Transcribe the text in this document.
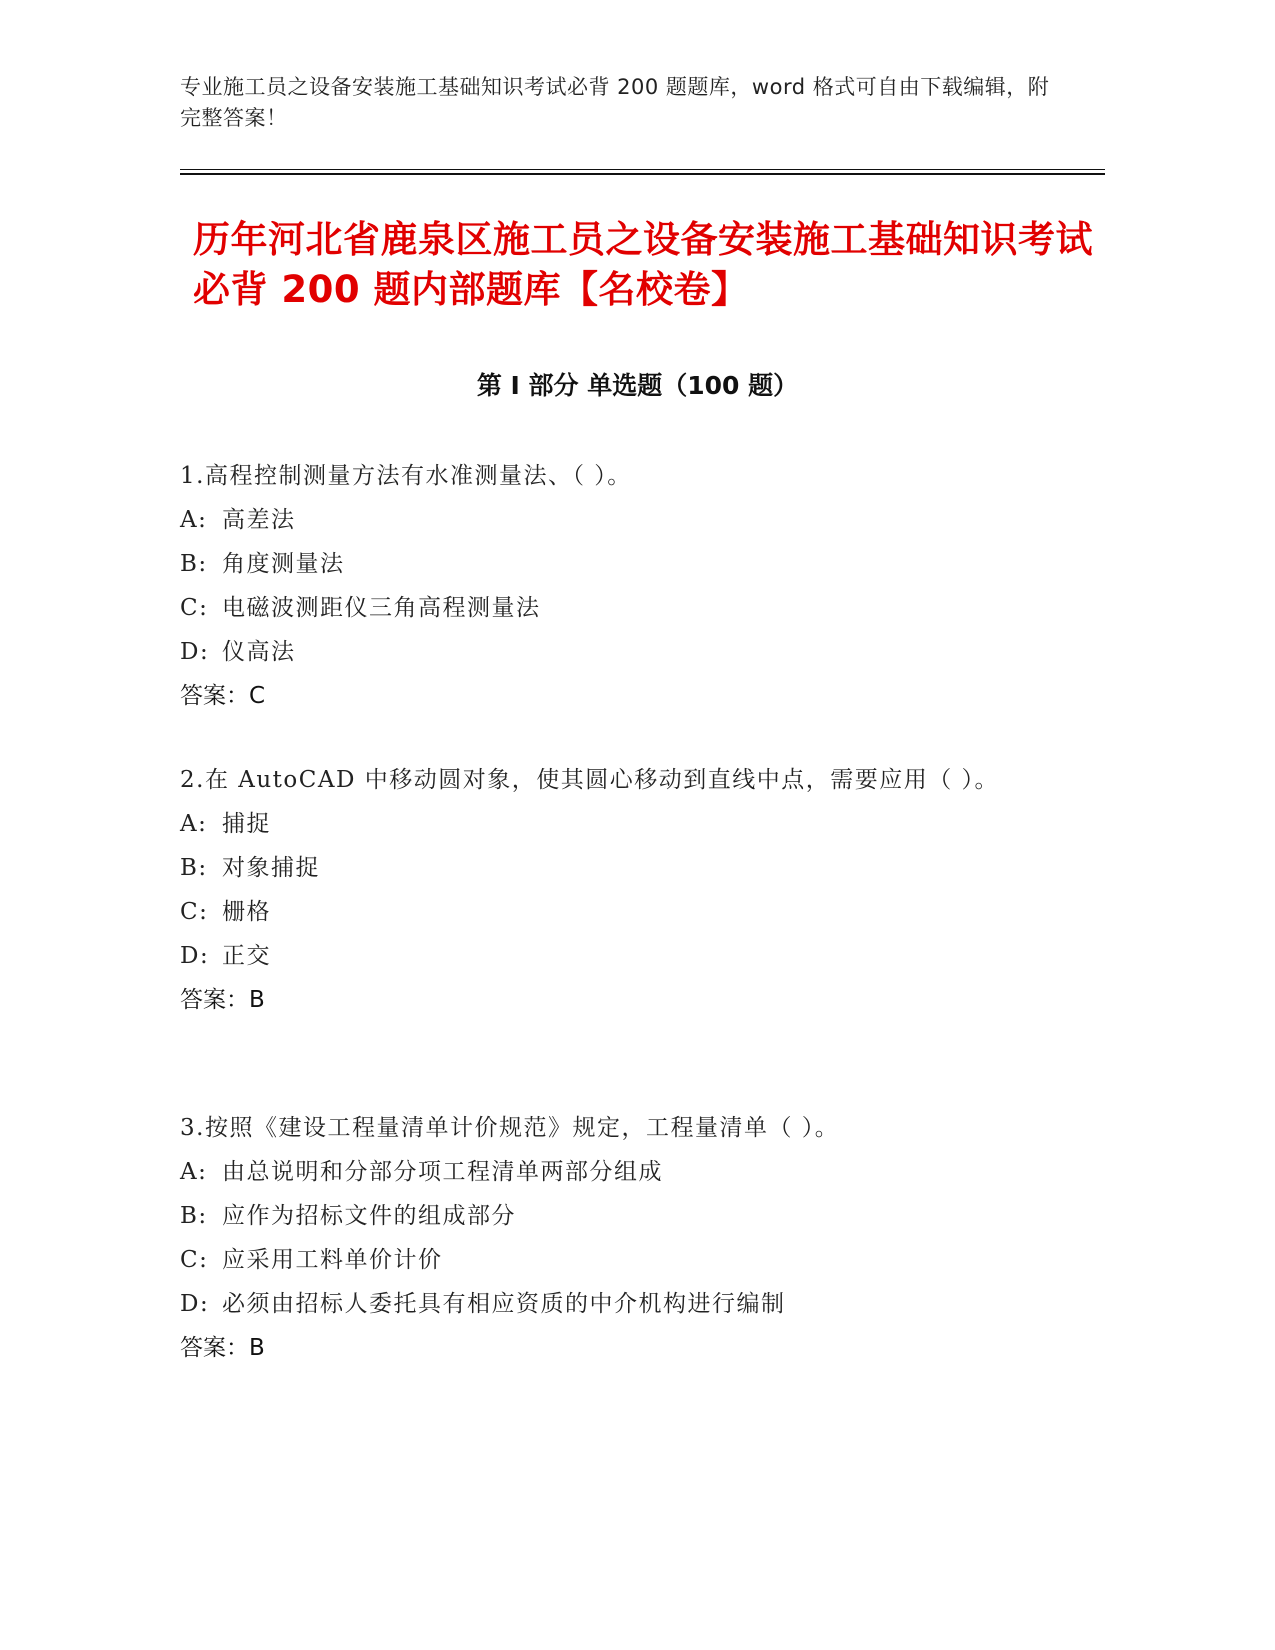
专业施工员之设备安装施工基础知识考试必背 200 题题库，word 格式可自由下载编辑，附完整答案！
历年河北省鹿泉区施工员之设备安装施工基础知识考试必背 200 题内部题库【名校卷】
第 I 部分 单选题（100 题）

1.高程控制测量方法有水准测量法、（ ）。

A: 高差法

B: 角度测量法

C: 电磁波测距仪三角高程测量法

D: 仪高法

答案：C

2.在 AutoCAD 中移动圆对象，使其圆心移动到直线中点，需要应用（ ）。

A: 捕捉

B: 对象捕捉

C: 栅格

D: 正交

答案：B

3.按照《建设工程量清单计价规范》规定，工程量清单（ ）。

A: 由总说明和分部分项工程清单两部分组成

B: 应作为招标文件的组成部分

C: 应采用工料单价计价

D: 必须由招标人委托具有相应资质的中介机构进行编制

答案：B
